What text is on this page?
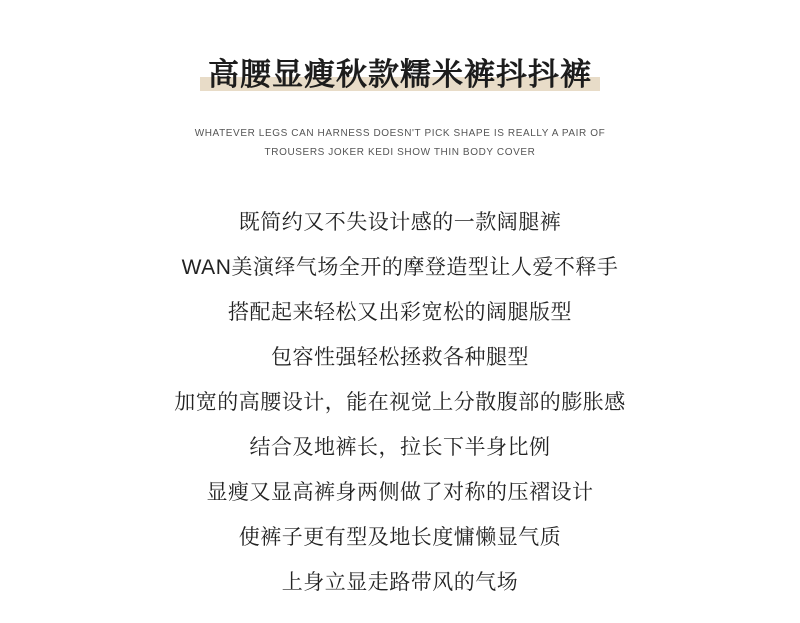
高腰显瘦秋款糯米裤抖抖裤
WHATEVER LEGS CAN HARNESS DOESN'T PICK SHAPE IS REALLY A PAIR OF
TROUSERS JOKER KEDI SHOW THIN BODY COVER
既简约又不失设计感的一款阔腿裤
WAN美演绎气场全开的摩登造型让人爱不释手
搭配起来轻松又出彩宽松的阔腿版型
包容性强轻松拯救各种腿型
加宽的高腰设计，能在视觉上分散腹部的膨胀感
结合及地裤长，拉长下半身比例
显瘦又显高裤身两侧做了对称的压褶设计
使裤子更有型及地长度慵懒显气质
上身立显走路带风的气场
